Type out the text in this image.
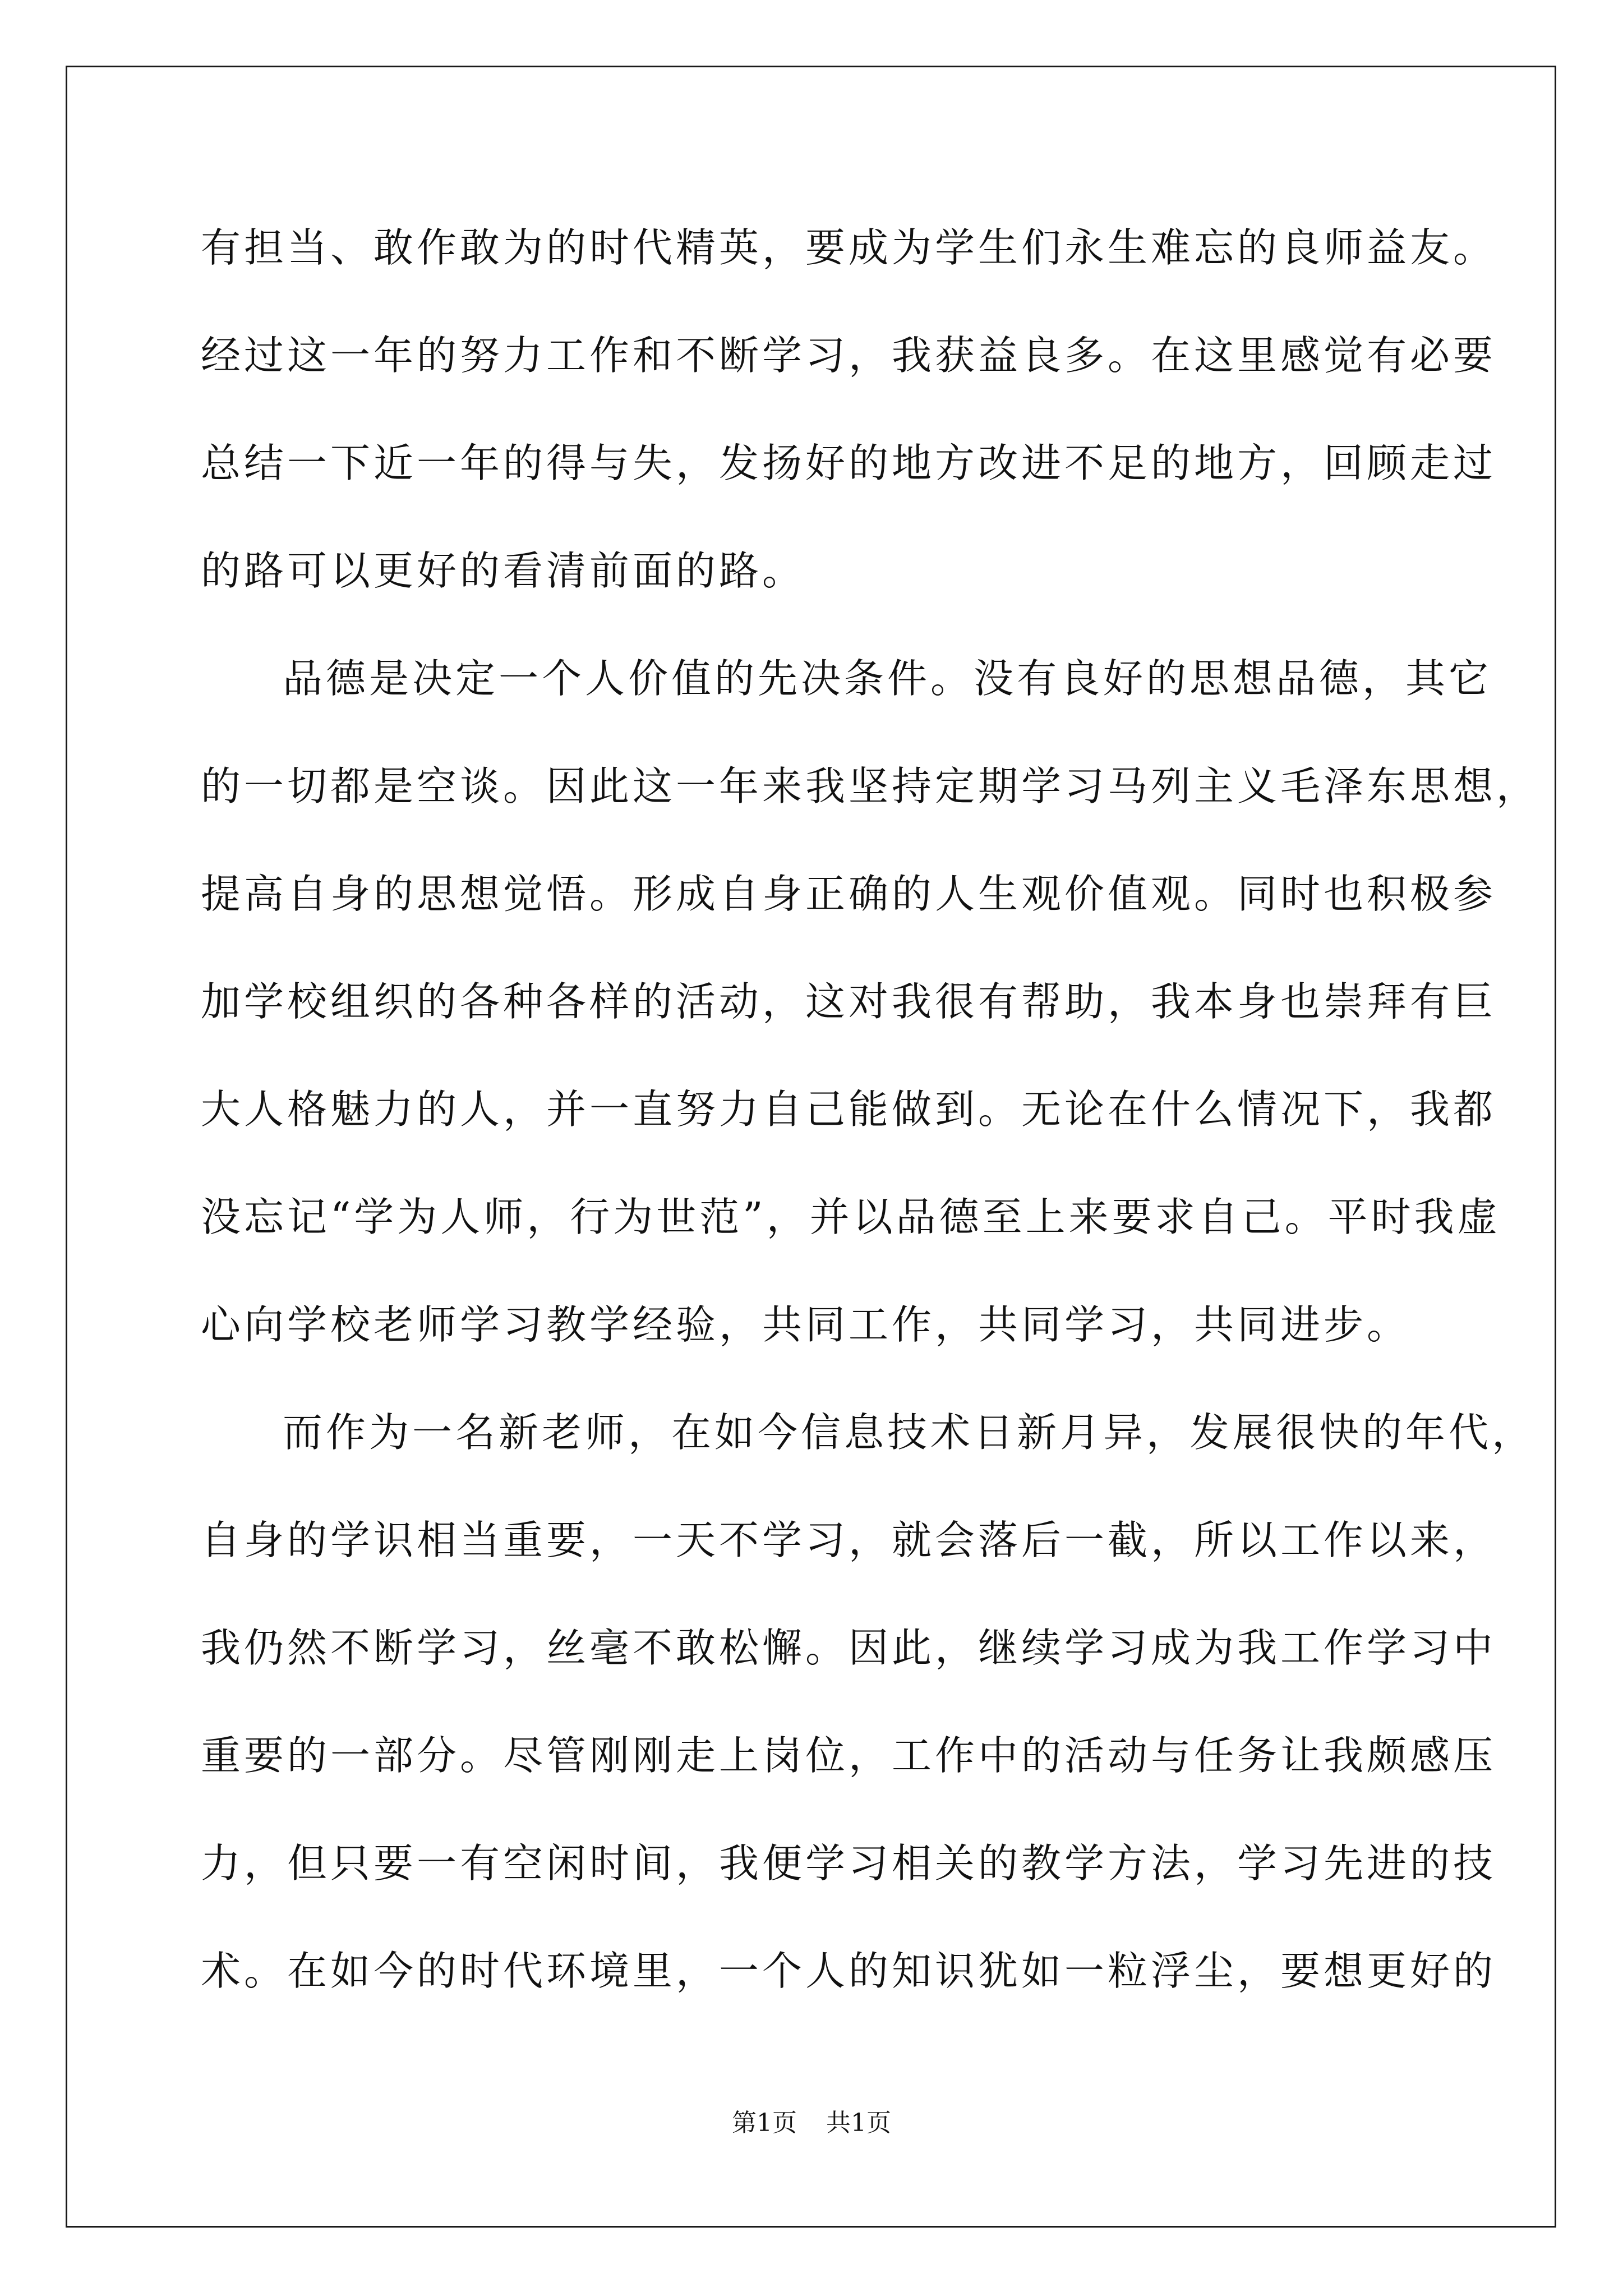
有担当、敢作敢为的时代精英，要成为学生们永生难忘的良师益友。
经过这一年的努力工作和不断学习，我获益良多。在这里感觉有必要
总结一下近一年的得与失，发扬好的地方改进不足的地方，回顾走过
的路可以更好的看清前面的路。
品德是决定一个人价值的先决条件。没有良好的思想品德，其它
的一切都是空谈。因此这一年来我坚持定期学习马列主义毛泽东思想，
提高自身的思想觉悟。形成自身正确的人生观价值观。同时也积极参
加学校组织的各种各样的活动，这对我很有帮助，我本身也崇拜有巨
大人格魅力的人，并一直努力自己能做到。无论在什么情况下，我都
没忘记“学为人师，行为世范”，并以品德至上来要求自己。平时我虚
心向学校老师学习教学经验，共同工作，共同学习，共同进步。
而作为一名新老师，在如今信息技术日新月异，发展很快的年代，
自身的学识相当重要，一天不学习，就会落后一截，所以工作以来，
我仍然不断学习，丝毫不敢松懈。因此，继续学习成为我工作学习中
重要的一部分。尽管刚刚走上岗位，工作中的活动与任务让我颇感压
力，但只要一有空闲时间，我便学习相关的教学方法，学习先进的技
术。在如今的时代环境里，一个人的知识犹如一粒浮尘，要想更好的
第1页 共1页
